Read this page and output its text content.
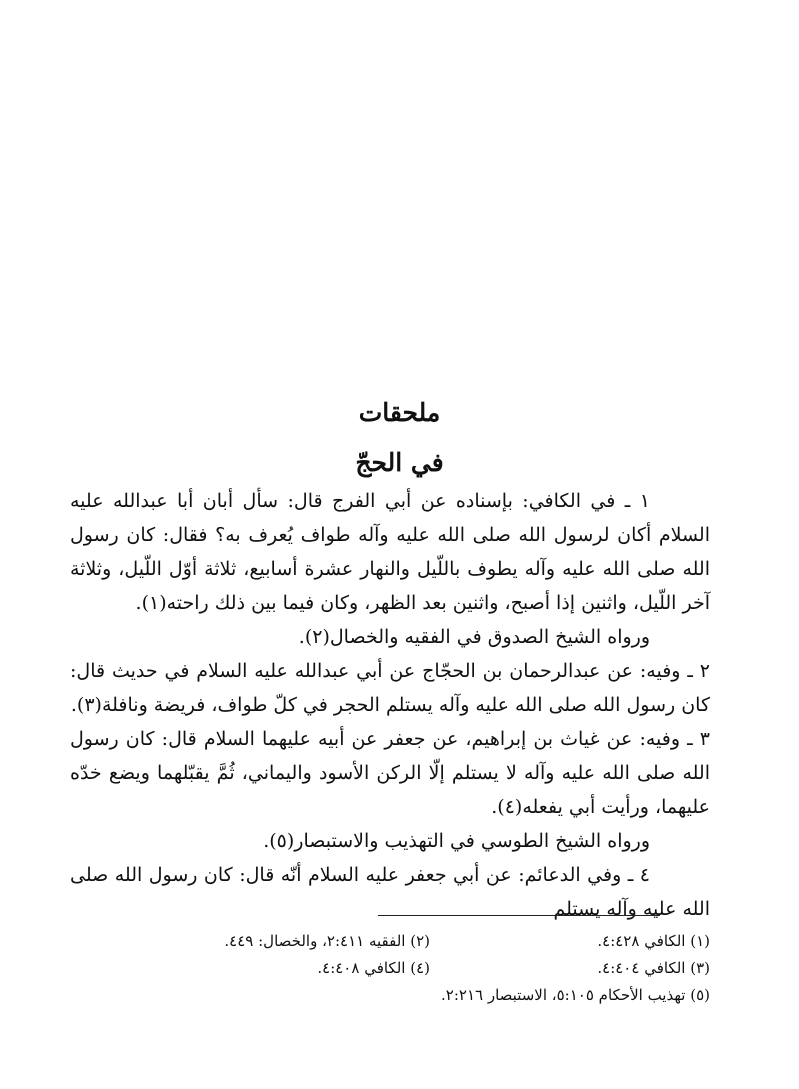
ملحقات
في الحجّ

١ ـ في الكافي: بإسناده عن أبي الفرج قال: سأل أبان أبا عبدالله عليه السلام أكان لرسول الله صلى الله عليه وآله طواف يُعرف به؟ فقال: كان رسول الله صلى الله عليه وآله يطوف باللّيل والنهار عشرة أسابيع، ثلاثة أوّل اللّيل، وثلاثة آخر اللّيل، واثنين إذا أصبح، واثنين بعد الظهر، وكان فيما بين ذلك راحته(١).

ورواه الشيخ الصدوق في الفقيه والخصال(٢).

٢ ـ وفيه: عن عبدالرحمان بن الحجّاج عن أبي عبدالله عليه السلام في حديث قال: كان رسول الله صلى الله عليه وآله يستلم الحجر في كلّ طواف، فريضة ونافلة(٣).

٣ ـ وفيه: عن غياث بن إبراهيم، عن جعفر عن أبيه عليهما السلام قال: كان رسول الله صلى الله عليه وآله لا يستلم إلّا الركن الأسود واليماني، ثُمَّ يقبّلهما ويضع خدّه عليهما، ورأيت أبي يفعله(٤).

ورواه الشيخ الطوسي في التهذيب والاستبصار(٥).

٤ ـ وفي الدعائم: عن أبي جعفر عليه السلام أنّه قال: كان رسول الله صلى الله عليه وآله يستلم

(١) الكافي ٤:٤٢٨.
(٢) الفقيه ٢:٤١١، والخصال: ٤٤٩.
(٣) الكافي ٤:٤٠٤.
(٤) الكافي ٤:٤٠٨.
(٥) تهذيب الأحكام ٥:١٠٥، الاستبصار ٢:٢١٦.
